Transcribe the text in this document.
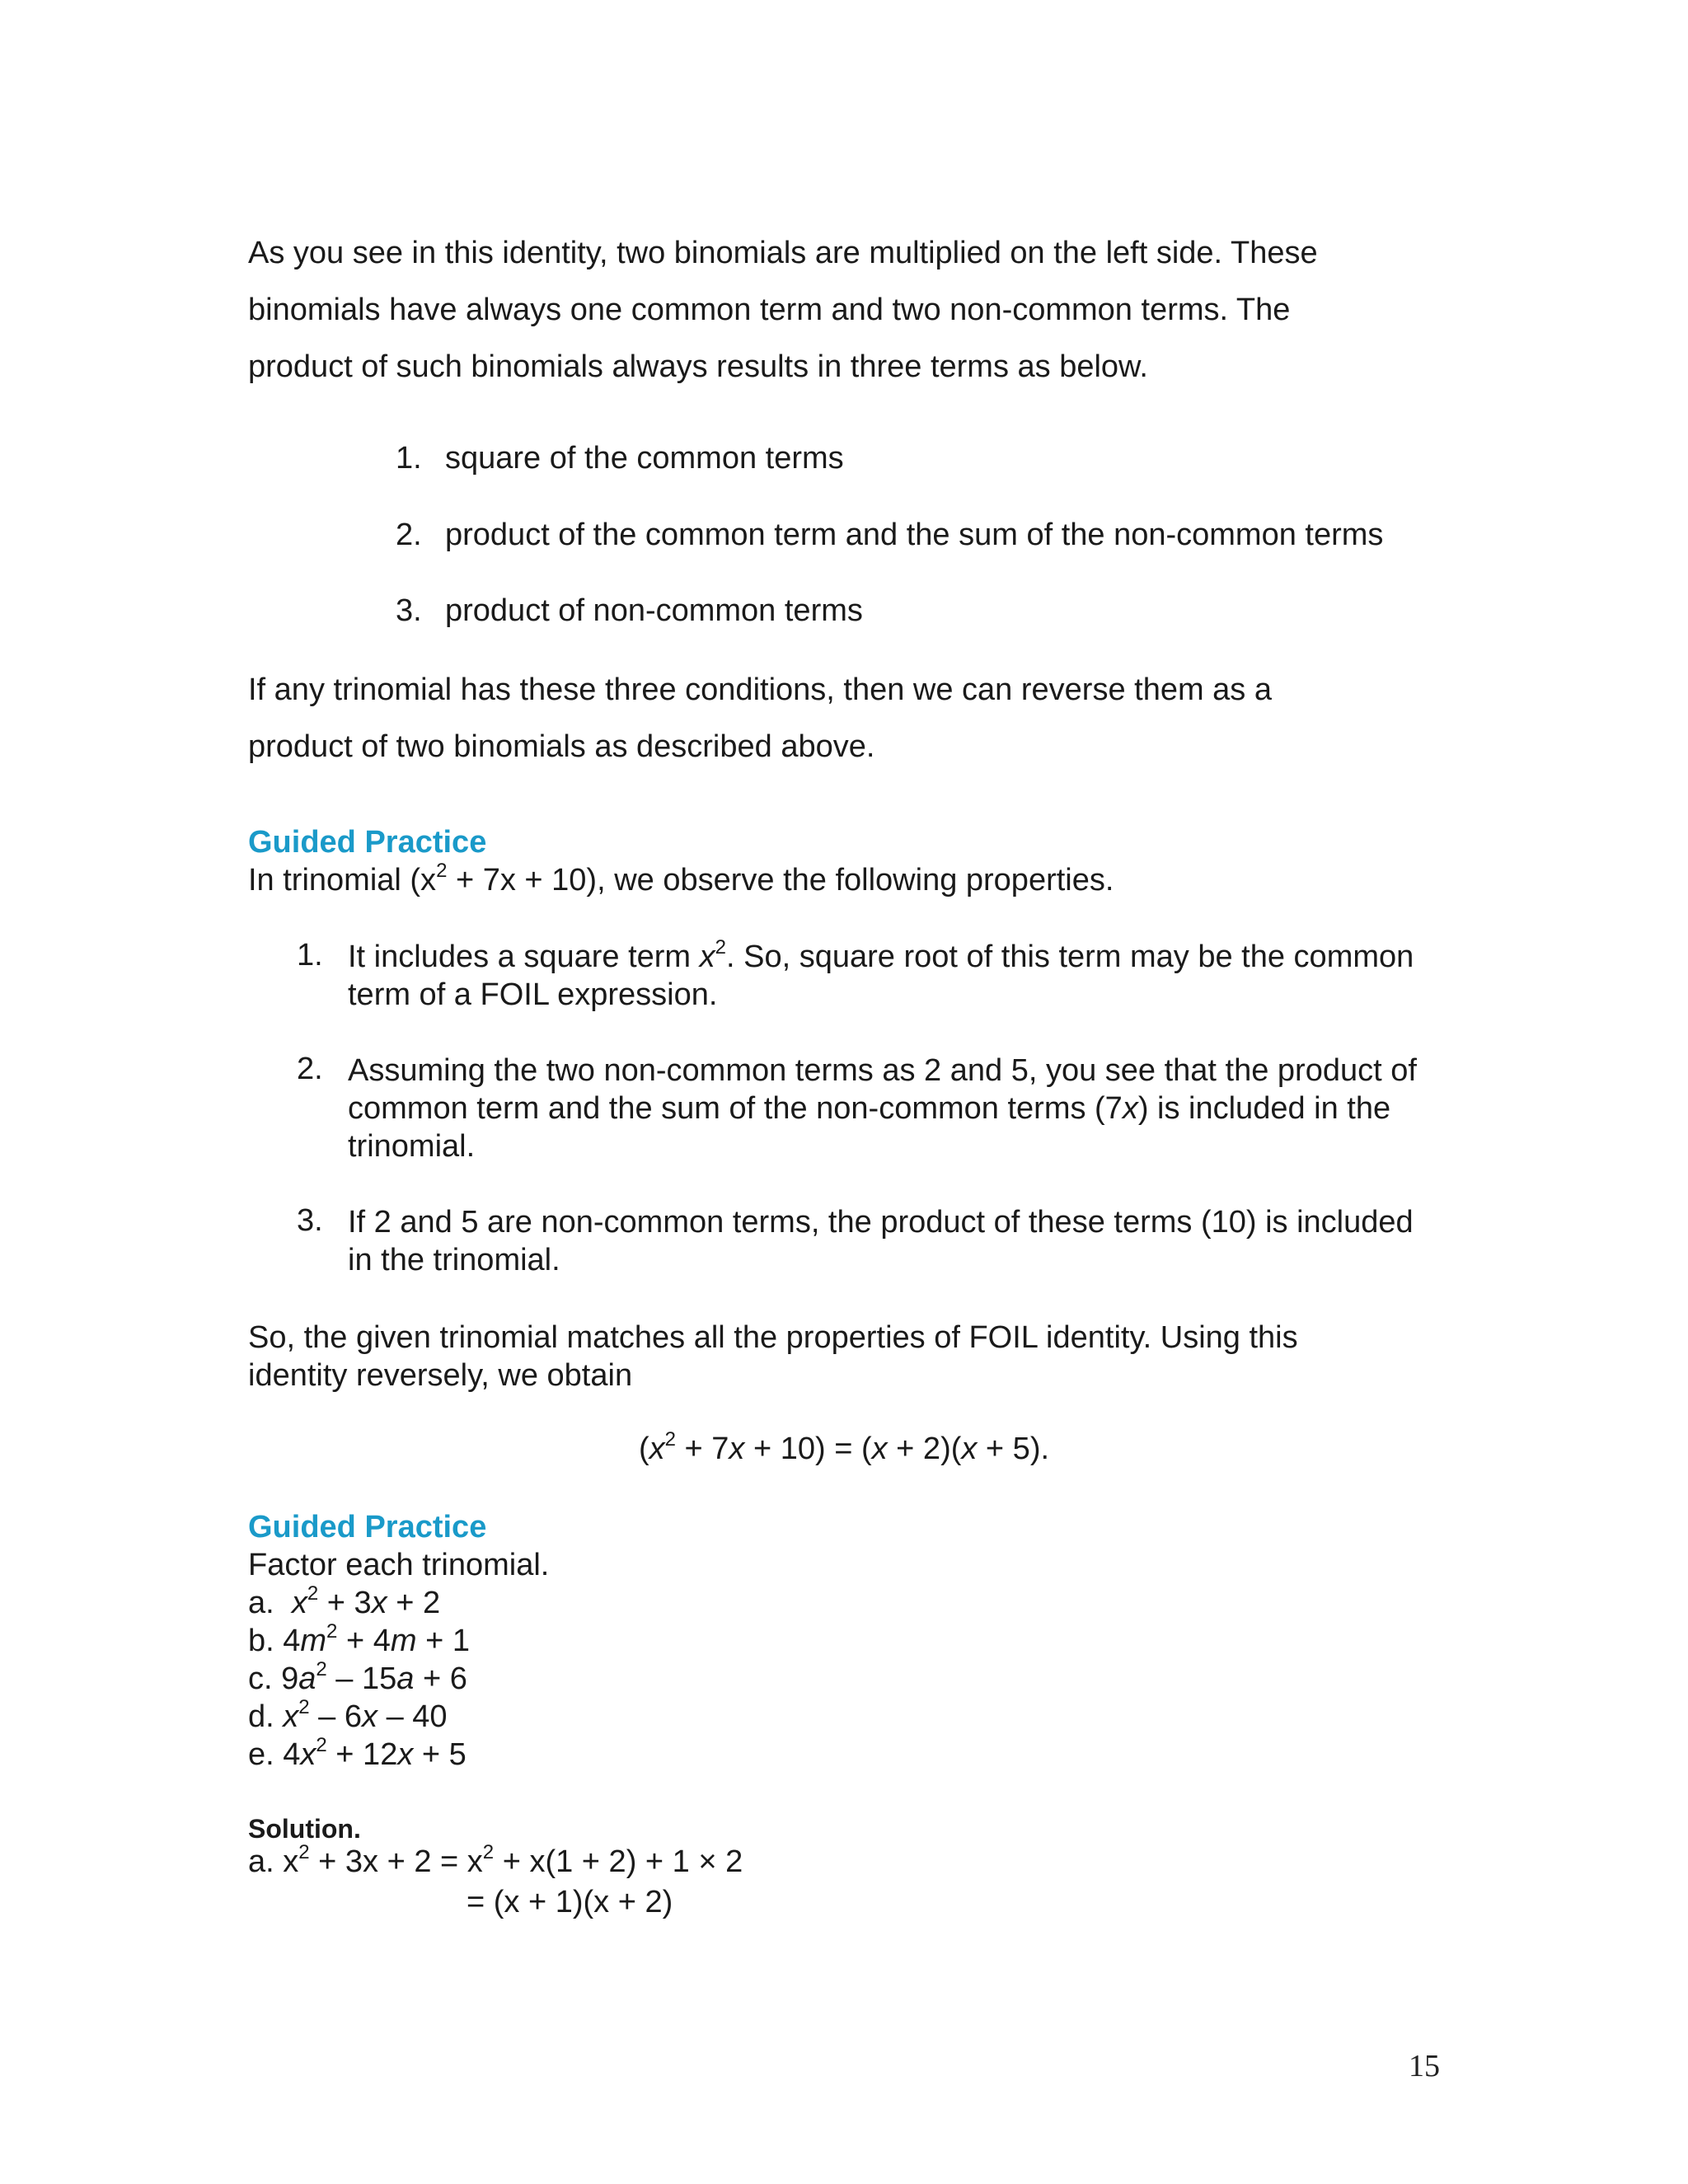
As you see in this identity, two binomials are multiplied on the left side. These

binomials have always one common term and two non-common terms. The

product of such binomials always results in three terms as below.

1. square of the common terms
2. product of the common term and the sum of the non-common terms
3. product of non-common terms

If any trinomial has these three conditions, then we can reverse them as a

product of two binomials as described above.

Guided Practice

In trinomial $(x^2 + 7x + 10)$, we observe the following properties.

1. It includes a square term $x^2$. So, square root of this term may be the common term of a FOIL expression.
2. Assuming the two non-common terms as 2 and 5, you see that the product of common term and the sum of the non-common terms (7x) is included in the trinomial.
3. If 2 and 5 are non-common terms, the product of these terms (10) is included in the trinomial.

So, the given trinomial matches all the properties of FOIL identity. Using this identity reversely, we obtain

$(x^2 + 7x + 10) = (x + 2)(x + 5)$.
Guided Practice
Factor each trinomial.
a. $x^2 + 3x + 2$
b. $4m^2 + 4m + 1$
c. $9a^2 - 15a + 6$
d. $x^2 - 6x - 40$
e. $4x^2 + 12x + 5$
Solution.
a. $x^2 + 3x + 2 = x^2 + x(1 + 2) + 1 \times 2$
= (x + 1)(x + 2)
15
